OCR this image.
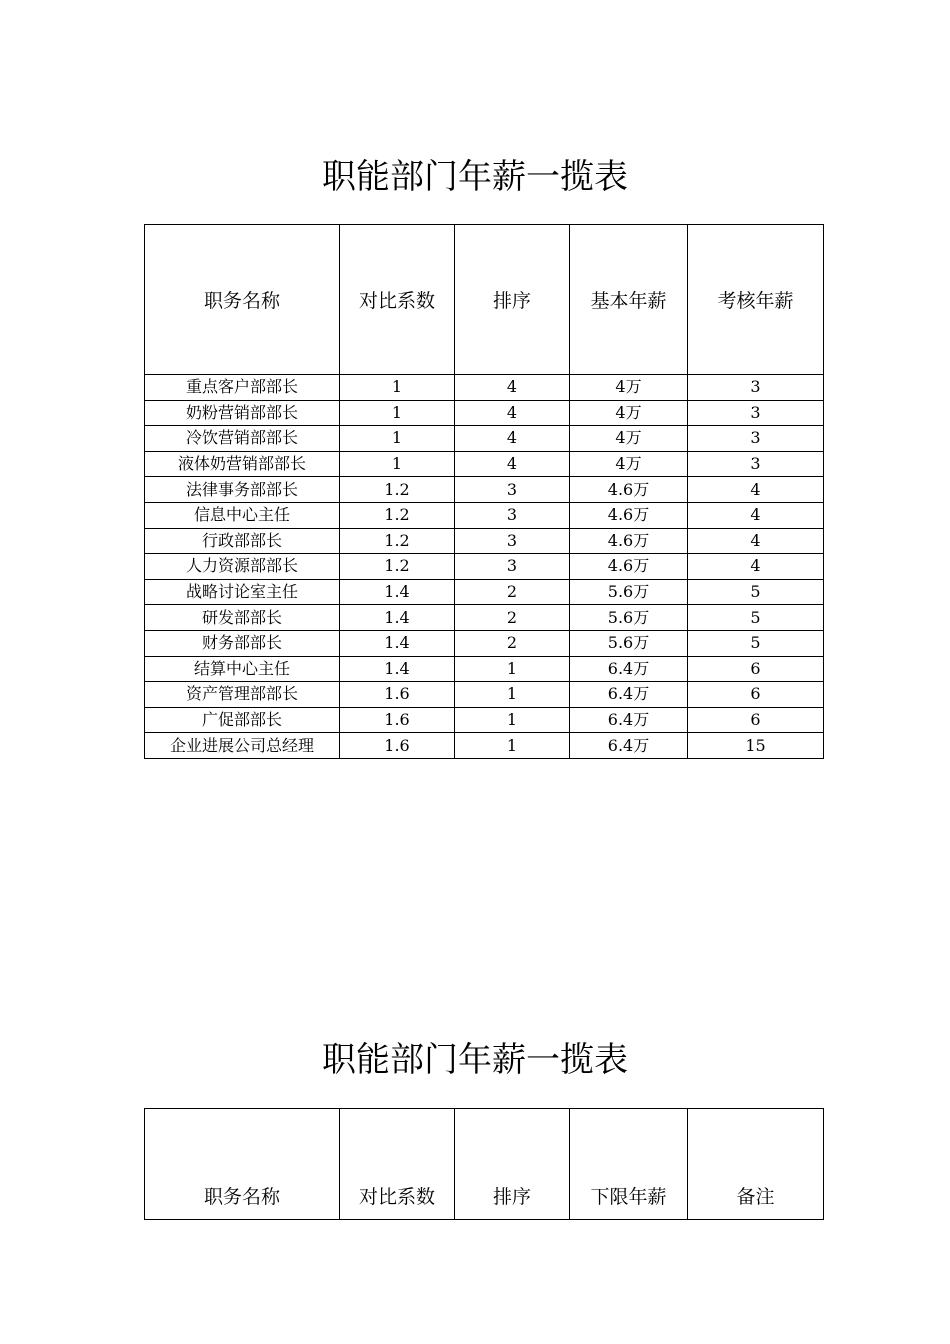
职能部门年薪一揽表
职务名称	对比系数	排序	基本年薪	考核年薪
重点客户部部长	1	4	4万	3
奶粉营销部部长	1	4	4万	3
冷饮营销部部长	1	4	4万	3
液体奶营销部部长	1	4	4万	3
法律事务部部长	1.2	3	4.6万	4
信息中心主任	1.2	3	4.6万	4
行政部部长	1.2	3	4.6万	4
人力资源部部长	1.2	3	4.6万	4
战略讨论室主任	1.4	2	5.6万	5
研发部部长	1.4	2	5.6万	5
财务部部长	1.4	2	5.6万	5
结算中心主任	1.4	1	6.4万	6
资产管理部部长	1.6	1	6.4万	6
广促部部长	1.6	1	6.4万	6
企业进展公司总经理	1.6	1	6.4万	15
职能部门年薪一揽表
职务名称	对比系数	排序	下限年薪	备注
